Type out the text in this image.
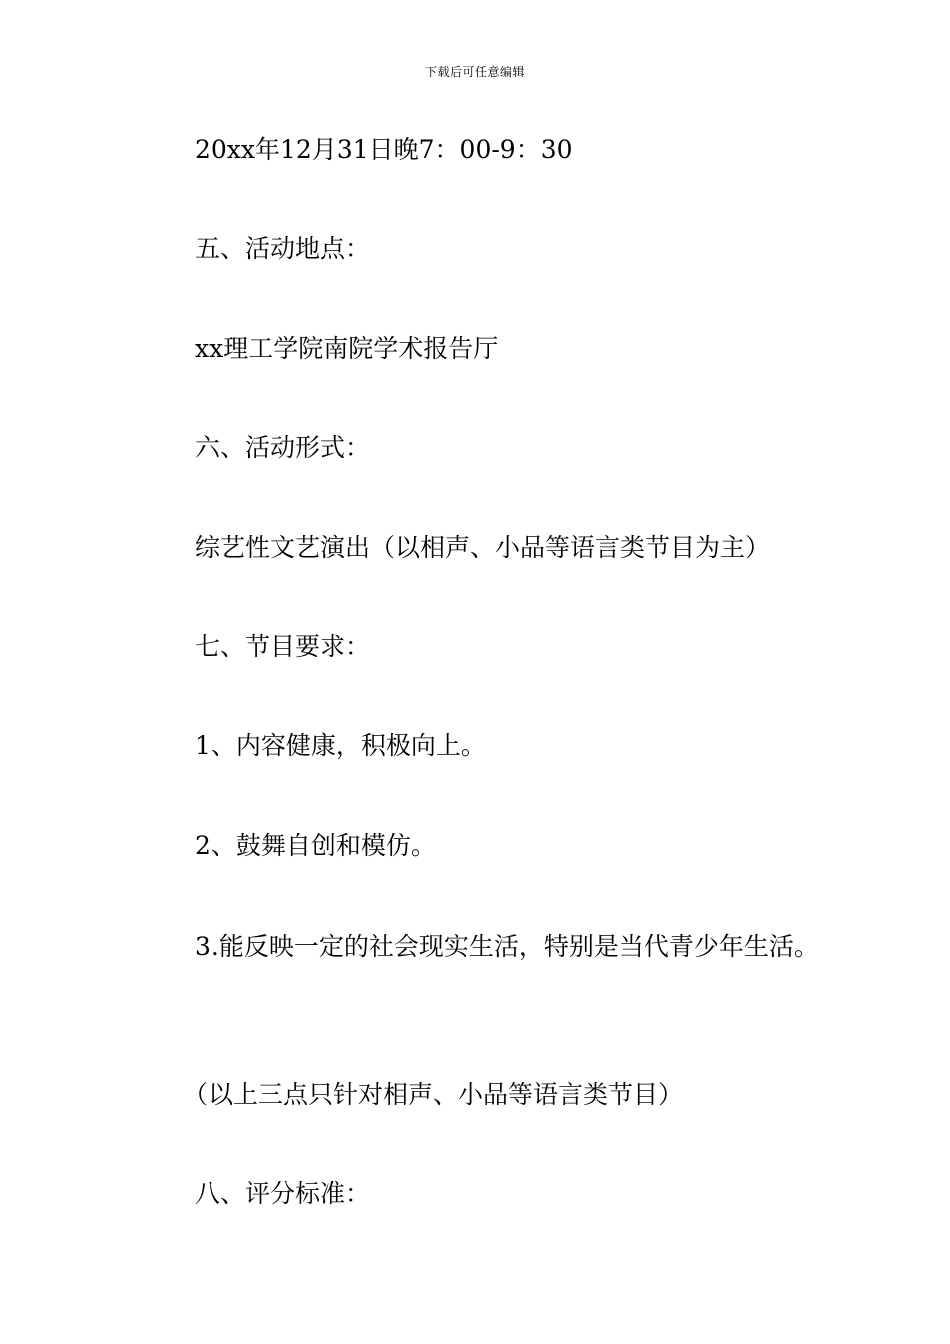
下载后可任意编辑
20xx年12月31日晚7：00-9：30
五、活动地点：
xx理工学院南院学术报告厅
六、活动形式：
综艺性文艺演出（以相声、小品等语言类节目为主）
七、节目要求：
1、内容健康，积极向上。
2、鼓舞自创和模仿。
3.能反映一定的社会现实生活，特别是当代青少年生活。
（以上三点只针对相声、小品等语言类节目）
八、评分标准：
